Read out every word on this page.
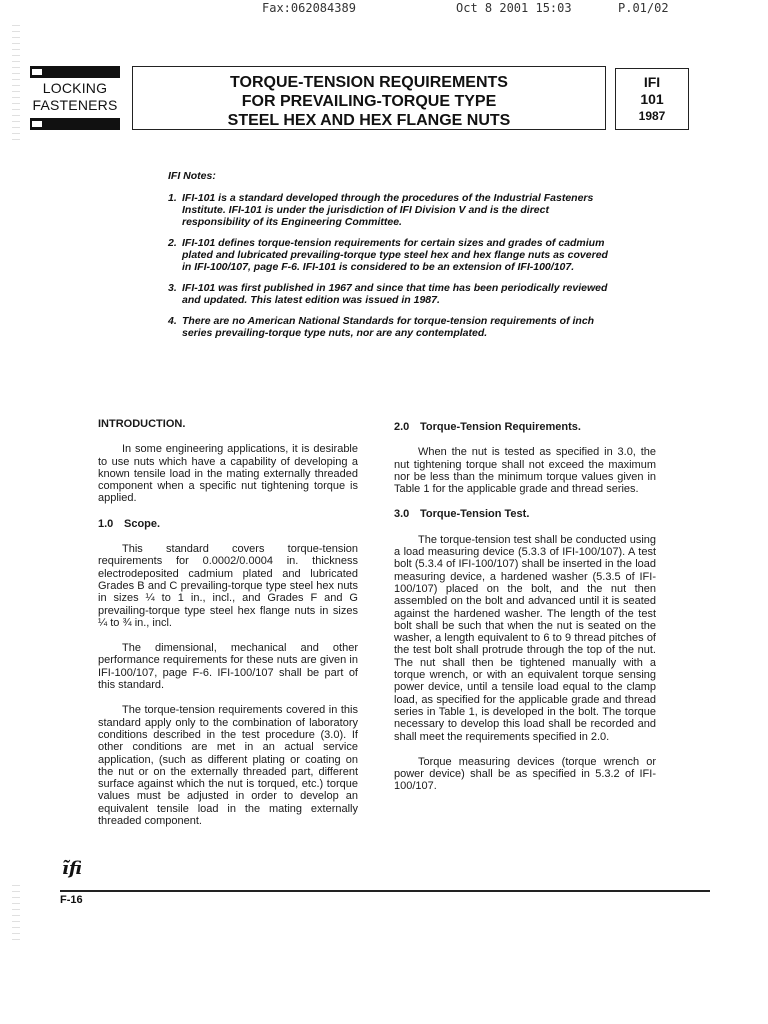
Fax:062084389	Oct 8 2001 15:03	P.01/02
LOCKING
FASTENERS
TORQUE-TENSION REQUIREMENTS
FOR PREVAILING-TORQUE TYPE
STEEL HEX AND HEX FLANGE NUTS
IFI
101
1987
IFI Notes:
1. IFI-101 is a standard developed through the procedures of the Industrial Fasteners Institute. IFI-101 is under the jurisdiction of IFI Division V and is the direct responsibility of its Engineering Committee.
2. IFI-101 defines torque-tension requirements for certain sizes and grades of cadmium plated and lubricated prevailing-torque type steel hex and hex flange nuts as covered in IFI-100/107, page F-6. IFI-101 is considered to be an extension of IFI-100/107.
3. IFI-101 was first published in 1967 and since that time has been periodically reviewed and updated. This latest edition was issued in 1987.
4. There are no American National Standards for torque-tension requirements of inch series prevailing-torque type nuts, nor are any contemplated.
INTRODUCTION.

In some engineering applications, it is desirable to use nuts which have a capability of developing a known tensile load in the mating externally threaded component when a specific nut tightening torque is applied.

1.0 Scope.

This standard covers torque-tension requirements for 0.0002/0.0004 in. thickness electrodeposited cadmium plated and lubricated Grades B and C prevailing-torque type steel hex nuts in sizes ¼ to 1 in., incl., and Grades F and G prevailing-torque type steel hex flange nuts in sizes ¼ to ¾ in., incl.

The dimensional, mechanical and other performance requirements for these nuts are given in IFI-100/107, page F-6. IFI-100/107 shall be part of this standard.

The torque-tension requirements covered in this standard apply only to the combination of laboratory conditions described in the test procedure (3.0). If other conditions are met in an actual service application, (such as different plating or coating on the nut or on the externally threaded part, different surface against which the nut is torqued, etc.) torque values must be adjusted in order to develop an equivalent tensile load in the mating externally threaded component.

2.0 Torque-Tension Requirements.

When the nut is tested as specified in 3.0, the nut tightening torque shall not exceed the maximum nor be less than the minimum torque values given in Table 1 for the applicable grade and thread series.

3.0 Torque-Tension Test.

The torque-tension test shall be conducted using a load measuring device (5.3.3 of IFI-100/107). A test bolt (5.3.4 of IFI-100/107) shall be inserted in the load measuring device, a hardened washer (5.3.5 of IFI-100/107) placed on the bolt, and the nut then assembled on the bolt and advanced until it is seated against the hardened washer. The length of the test bolt shall be such that when the nut is seated on the washer, a length equivalent to 6 to 9 thread pitches of the test bolt shall protrude through the top of the nut. The nut shall then be tightened manually with a torque wrench, or with an equivalent torque sensing power device, until a tensile load equal to the clamp load, as specified for the applicable grade and thread series in Table 1, is developed in the bolt. The torque necessary to develop this load shall be recorded and shall meet the requirements specified in 2.0.

Torque measuring devices (torque wrench or power device) shall be as specified in 5.3.2 of IFI-100/107.

ĩfi
F-16
